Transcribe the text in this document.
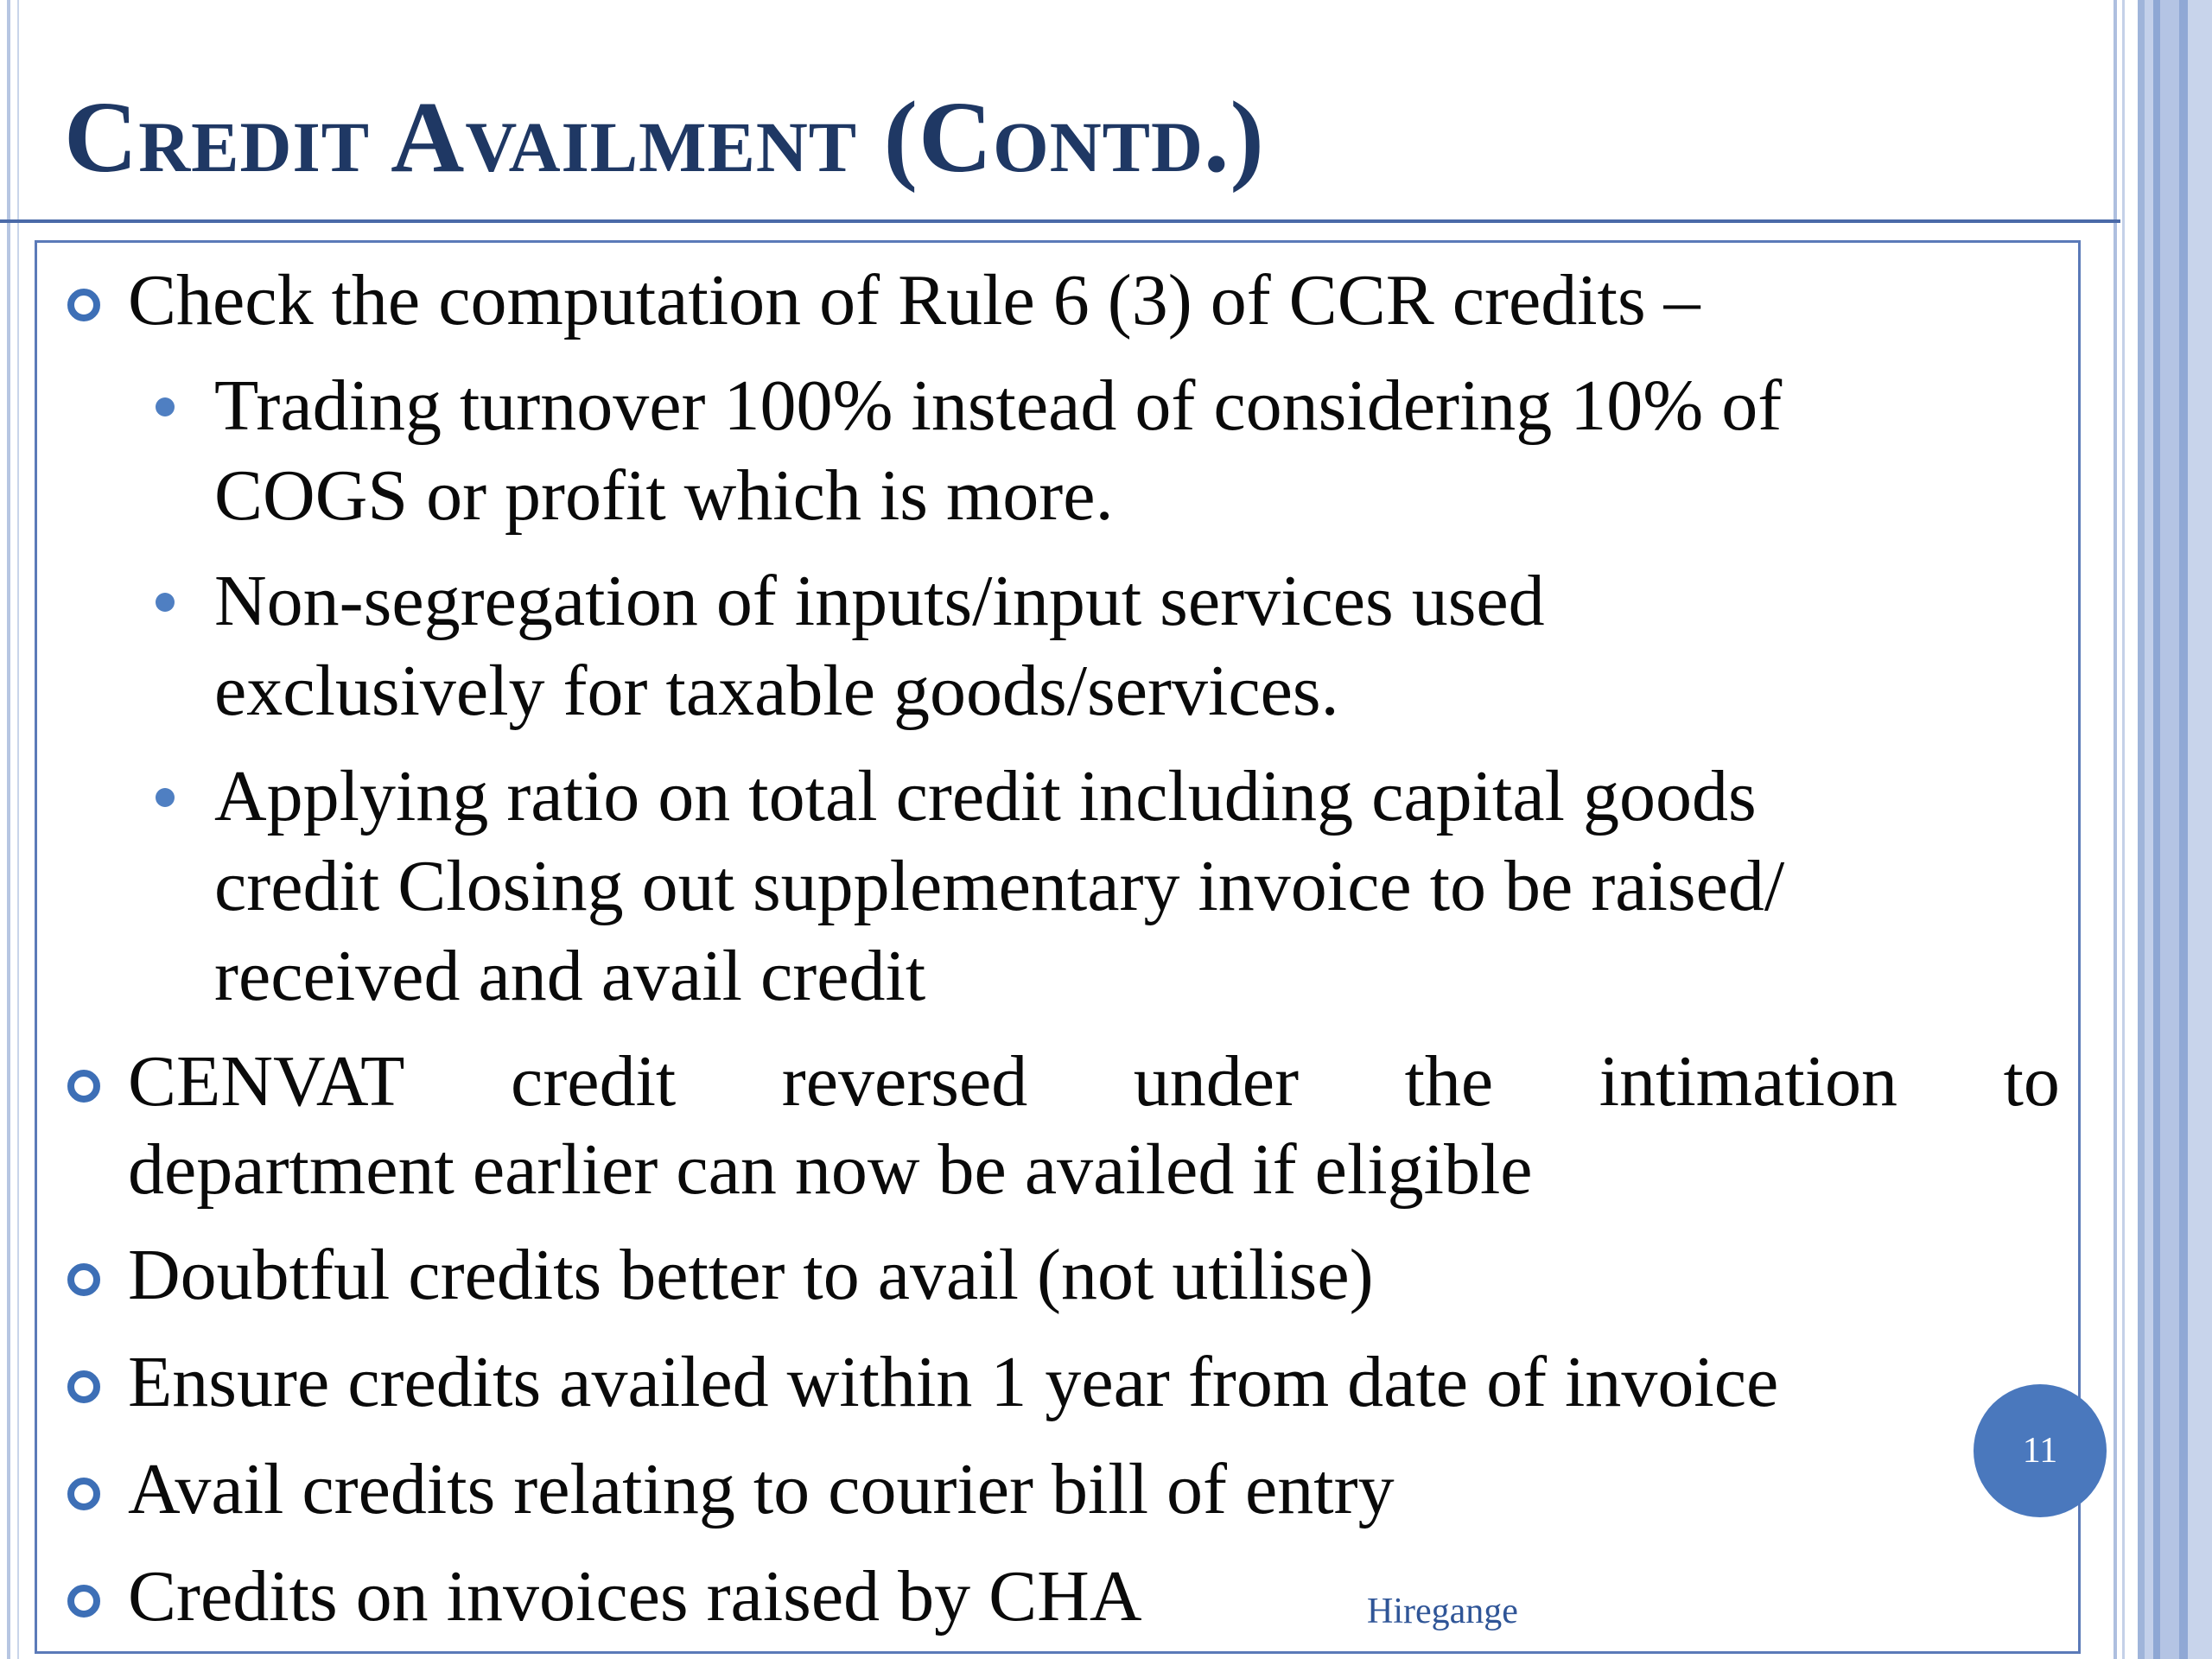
Credit Availment (Contd.)
Check the computation of Rule 6 (3) of CCR credits –
Trading turnover 100% instead of considering 10% of
COGS or profit which is more.
Non-segregation of inputs/input services used
exclusively for taxable goods/services.
Applying ratio on total credit including capital goods
credit Closing out supplementary invoice to be raised/
received and avail credit
CENVAT credit reversed under the intimation to
department earlier can now be availed if eligible
Doubtful credits better to avail (not utilise)
Ensure credits availed within 1 year from date of invoice
Avail credits relating to courier bill of entry
Credits on invoices raised by CHA
11
Hiregange
